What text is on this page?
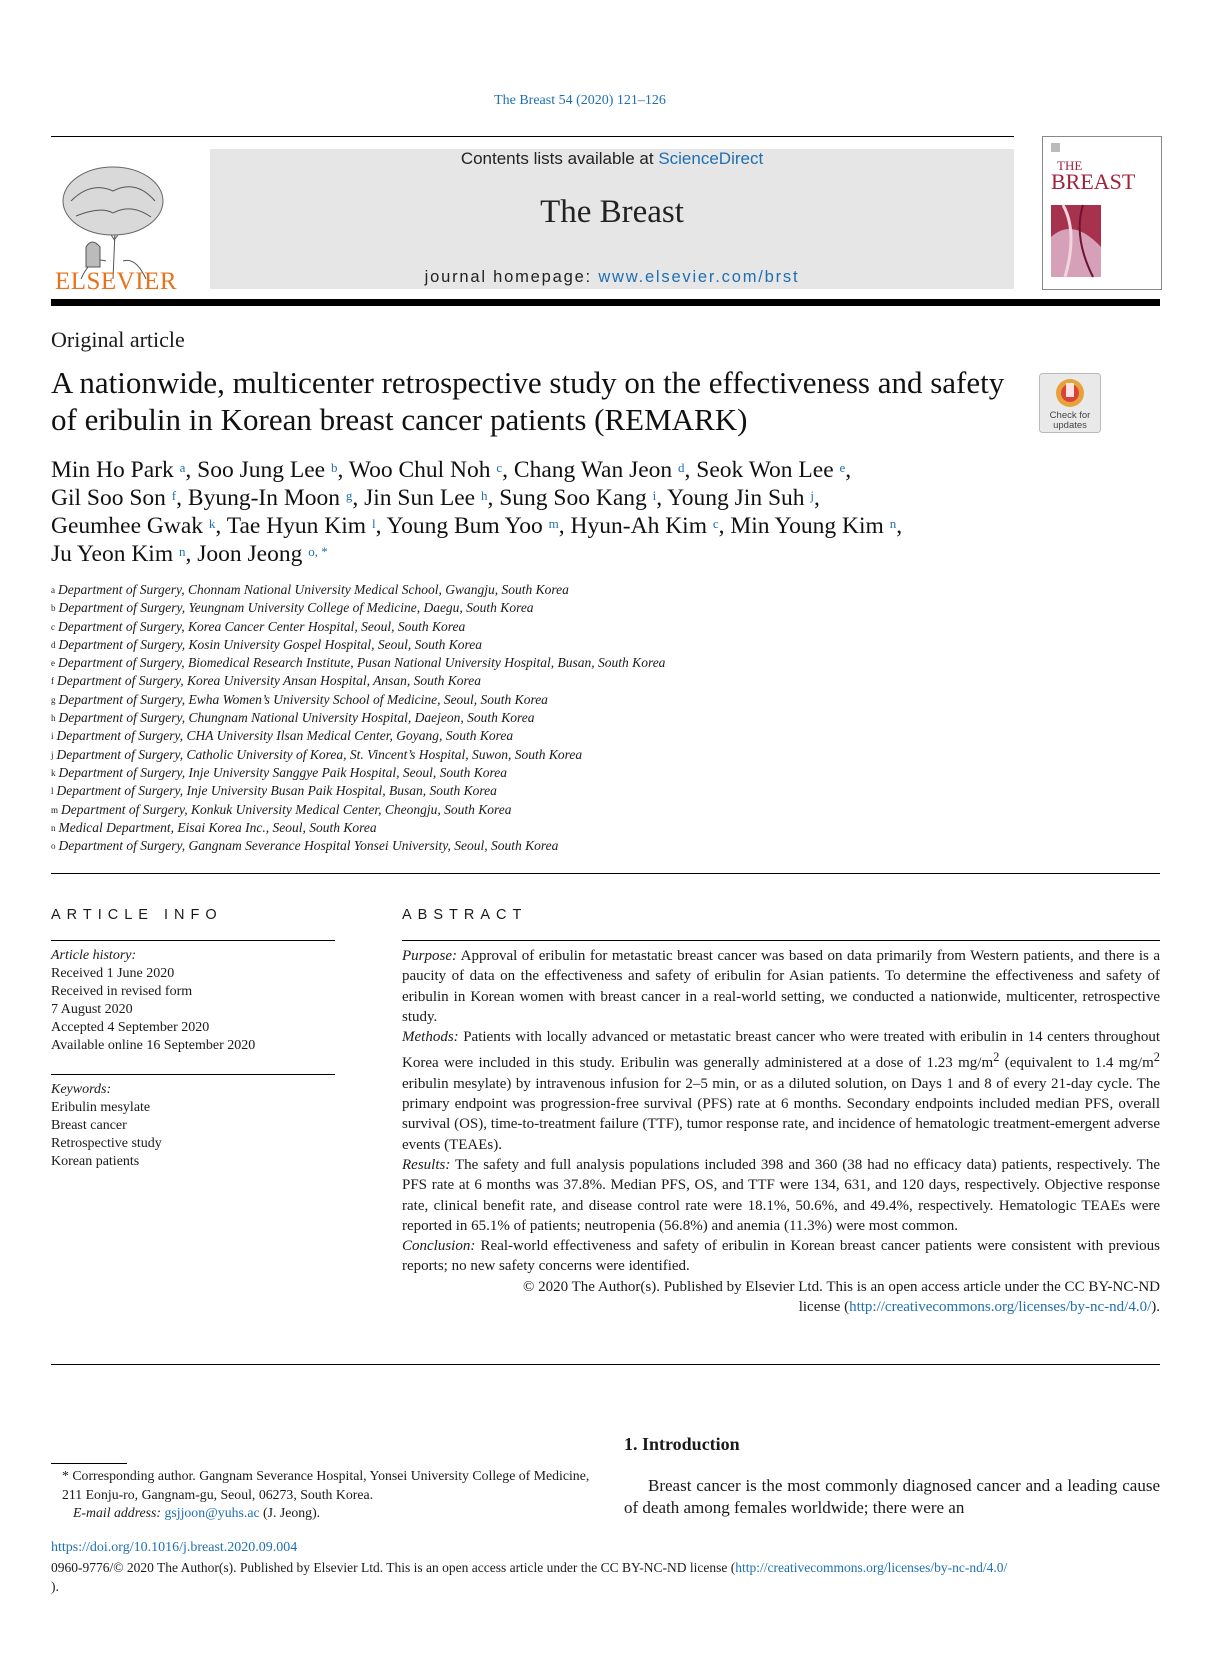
The Breast 54 (2020) 121–126
ELSEVIER
Contents lists available at ScienceDirect
The Breast
journal homepage: www.elsevier.com/brst
THE
BREAST
Original article
A nationwide, multicenter retrospective study on the effectiveness and safety of eribulin in Korean breast cancer patients (REMARK)	Check for
updates
Min Ho Park $^a$, Soo Jung Lee $^b$, Woo Chul Noh $^c$, Chang Wan Jeon $^d$, Seok Won Lee $^e$,
Gil Soo Son $^f$, Byung-In Moon $^g$, Jin Sun Lee $^h$, Sung Soo Kang $^i$, Young Jin Suh $^j$,
Geumhee Gwak $^k$, Tae Hyun Kim $^l$, Young Bum Yoo $^m$, Hyun-Ah Kim $^c$, Min Young Kim $^n$,
Ju Yeon Kim $^n$, Joon Jeong $^{o, *}$
$^a$ Department of Surgery, Chonnam National University Medical School, Gwangju, South Korea
$^b$ Department of Surgery, Yeungnam University College of Medicine, Daegu, South Korea
$^c$ Department of Surgery, Korea Cancer Center Hospital, Seoul, South Korea
$^d$ Department of Surgery, Kosin University Gospel Hospital, Seoul, South Korea
$^e$ Department of Surgery, Biomedical Research Institute, Pusan National University Hospital, Busan, South Korea
$^f$ Department of Surgery, Korea University Ansan Hospital, Ansan, South Korea
$^g$ Department of Surgery, Ewha Women’s University School of Medicine, Seoul, South Korea
$^h$ Department of Surgery, Chungnam National University Hospital, Daejeon, South Korea
$^i$ Department of Surgery, CHA University Ilsan Medical Center, Goyang, South Korea
$^j$ Department of Surgery, Catholic University of Korea, St. Vincent’s Hospital, Suwon, South Korea
$^k$ Department of Surgery, Inje University Sanggye Paik Hospital, Seoul, South Korea
$^l$ Department of Surgery, Inje University Busan Paik Hospital, Busan, South Korea
$^m$ Department of Surgery, Konkuk University Medical Center, Cheongju, South Korea
$^n$ Medical Department, Eisai Korea Inc., Seoul, South Korea
$^o$ Department of Surgery, Gangnam Severance Hospital Yonsei University, Seoul, South Korea
ARTICLE INFO
Article history:
Received 1 June 2020
Received in revised form
7 August 2020
Accepted 4 September 2020
Available online 16 September 2020
Keywords:
Eribulin mesylate
Breast cancer
Retrospective study
Korean patients
ABSTRACT

Purpose: Approval of eribulin for metastatic breast cancer was based on data primarily from Western patients, and there is a paucity of data on the effectiveness and safety of eribulin for Asian patients. To determine the effectiveness and safety of eribulin in Korean women with breast cancer in a real-world setting, we conducted a nationwide, multicenter, retrospective study.

Methods: Patients with locally advanced or metastatic breast cancer who were treated with eribulin in 14 centers throughout Korea were included in this study. Eribulin was generally administered at a dose of 1.23 $mg/m^2$ (equivalent to 1.4 $mg/m^2$ eribulin mesylate) by intravenous infusion for 2–5 min, or as a diluted solution, on Days 1 and 8 of every 21-day cycle. The primary endpoint was progression-free survival (PFS) rate at 6 months. Secondary endpoints included median PFS, overall survival (OS), time-to-treatment failure (TTF), tumor response rate, and incidence of hematologic treatment-emergent adverse events (TEAEs).

Results: The safety and full analysis populations included 398 and 360 (38 had no efficacy data) patients, respectively. The PFS rate at 6 months was 37.8%. Median PFS, OS, and TTF were 134, 631, and 120 days, respectively. Objective response rate, clinical benefit rate, and disease control rate were 18.1%, 50.6%, and 49.4%, respectively. Hematologic TEAEs were reported in 65.1% of patients; neutropenia (56.8%) and anemia (11.3%) were most common.

Conclusion: Real-world effectiveness and safety of eribulin in Korean breast cancer patients were consistent with previous reports; no new safety concerns were identified.

© 2020 The Author(s). Published by Elsevier Ltd. This is an open access article under the CC BY-NC-ND
license (http://creativecommons.org/licenses/by-nc-nd/4.0/).

* Corresponding author. Gangnam Severance Hospital, Yonsei University College of Medicine, 211 Eonju-ro, Gangnam-gu, Seoul, 06273, South Korea.
E-mail address: gsjjoon@yuhs.ac (J. Jeong).
1. Introduction

Breast cancer is the most commonly diagnosed cancer and a leading cause of death among females worldwide; there were an

https://doi.org/10.1016/j.breast.2020.09.004
0960-9776/© 2020 The Author(s). Published by Elsevier Ltd. This is an open access article under the CC BY-NC-ND license (http://creativecommons.org/licenses/by-nc-nd/4.0/
).
